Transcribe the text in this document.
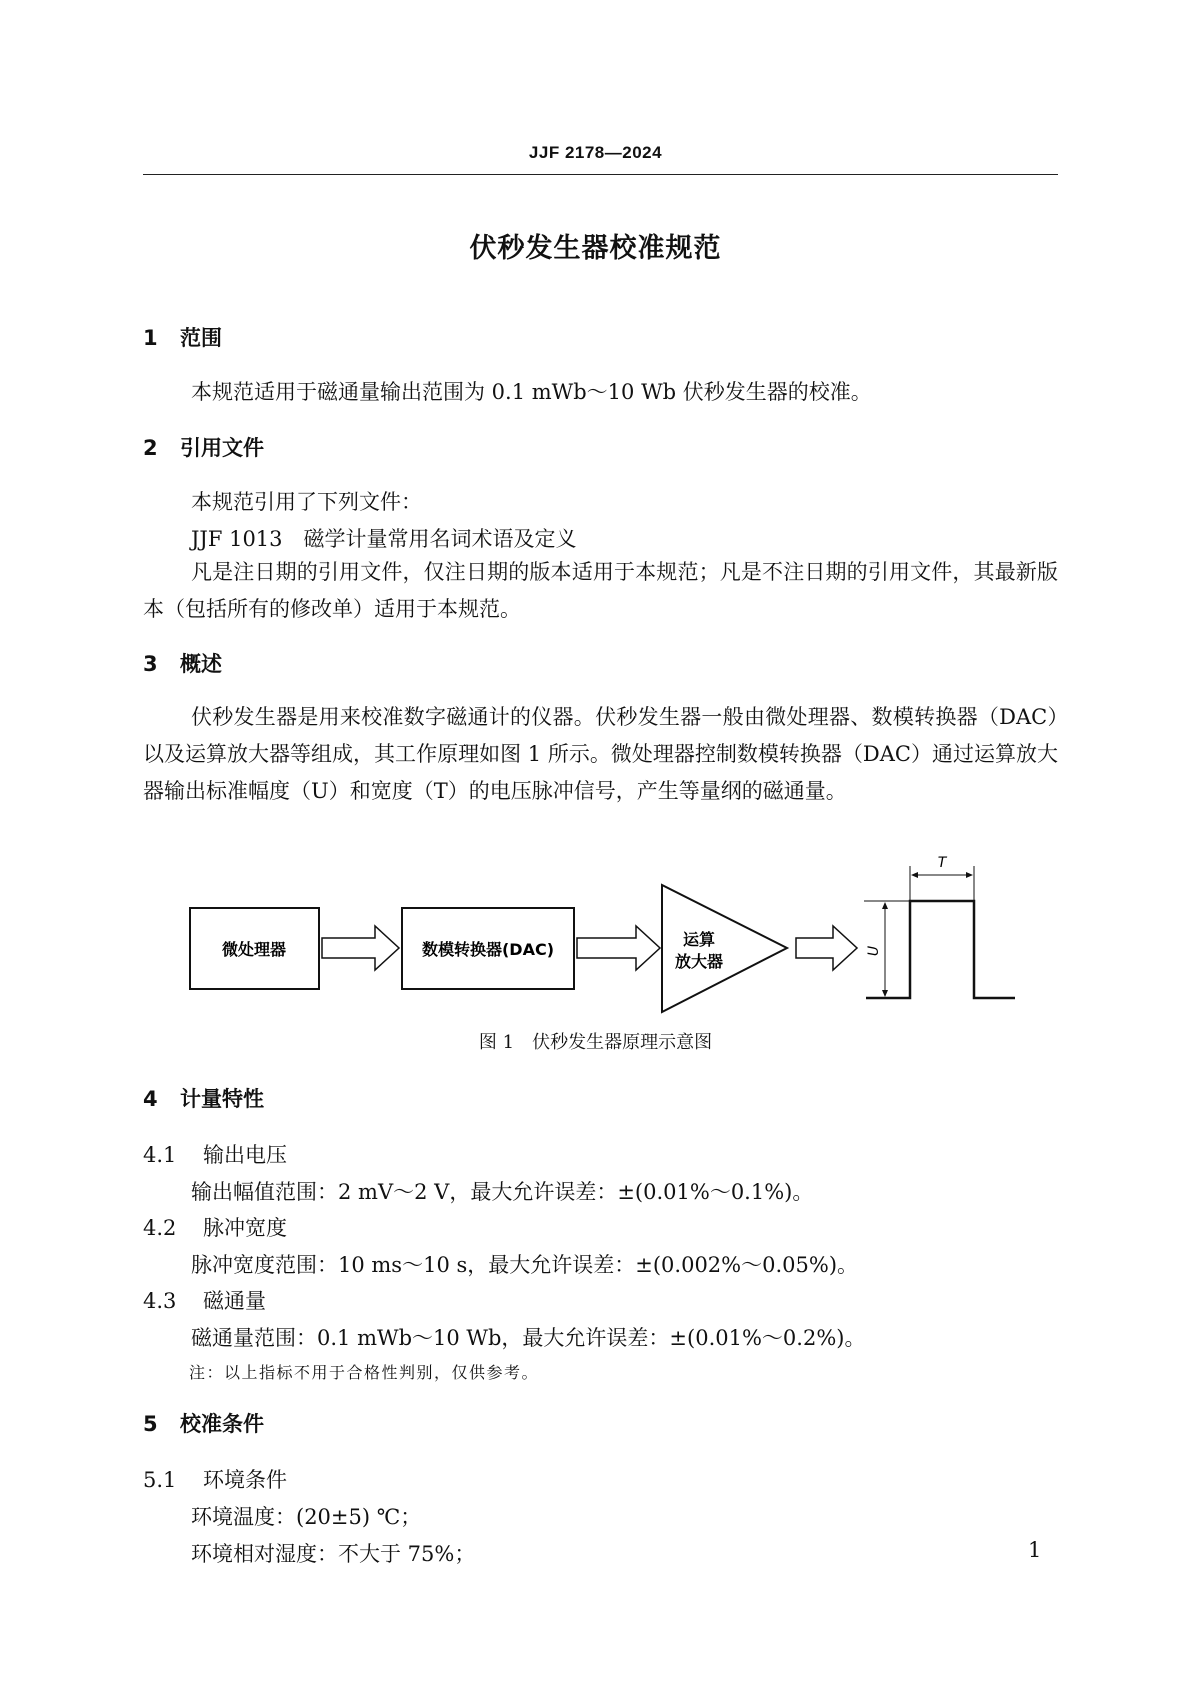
JJF 2178—2024
伏秒发生器校准规范
1 范围
本规范适用于磁通量输出范围为 0.1 mWb～10 Wb 伏秒发生器的校准。
2 引用文件
本规范引用了下列文件：
JJF 1013　磁学计量常用名词术语及定义
凡是注日期的引用文件，仅注日期的版本适用于本规范；凡是不注日期的引用文件，其最新版本（包括所有的修改单）适用于本规范。
3 概述
伏秒发生器是用来校准数字磁通计的仪器。伏秒发生器一般由微处理器、数模转换器（DAC）以及运算放大器等组成，其工作原理如图 1 所示。微处理器控制数模转换器（DAC）通过运算放大器输出标准幅度（U）和宽度（T）的电压脉冲信号，产生等量纲的磁通量。
微处理器	数模转换器(DAC)
运算
放大器
T
U
图 1 伏秒发生器原理示意图
4 计量特性
4.1 输出电压
输出幅值范围：2 mV～2 V，最大允许误差：±(0.01%～0.1%)。
4.2 脉冲宽度
脉冲宽度范围：10 ms～10 s，最大允许误差：±(0.002%～0.05%)。
4.3 磁通量
磁通量范围：0.1 mWb～10 Wb，最大允许误差：±(0.01%～0.2%)。
注：以上指标不用于合格性判别，仅供参考。
5 校准条件
5.1 环境条件
环境温度：(20±5) ℃；
环境相对湿度：不大于 75%；	1
